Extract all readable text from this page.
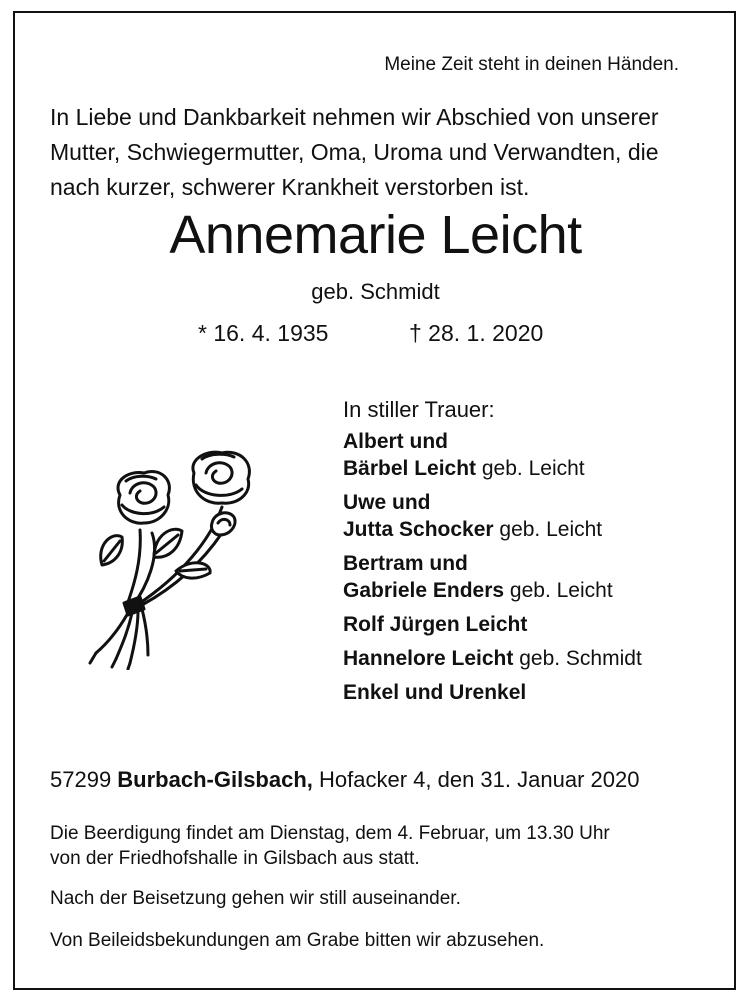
Meine Zeit steht in deinen Händen.
In Liebe und Dankbarkeit nehmen wir Abschied von unserer
Mutter, Schwiegermutter, Oma, Uroma und Verwandten, die
nach kurzer, schwerer Krankheit verstorben ist.
Annemarie Leicht
geb. Schmidt
* 16. 4. 1935	† 28. 1. 2020
In stiller Trauer:
Albert und
Bärbel Leicht geb. Leicht
Uwe und
Jutta Schocker geb. Leicht
Bertram und
Gabriele Enders geb. Leicht
Rolf Jürgen Leicht
Hannelore Leicht geb. Schmidt
Enkel und Urenkel
57299 Burbach-Gilsbach, Hofacker 4, den 31. Januar 2020
Die Beerdigung findet am Dienstag, dem 4. Februar, um 13.30 Uhr
von der Friedhofshalle in Gilsbach aus statt.
Nach der Beisetzung gehen wir still auseinander.
Von Beileidsbekundungen am Grabe bitten wir abzusehen.
